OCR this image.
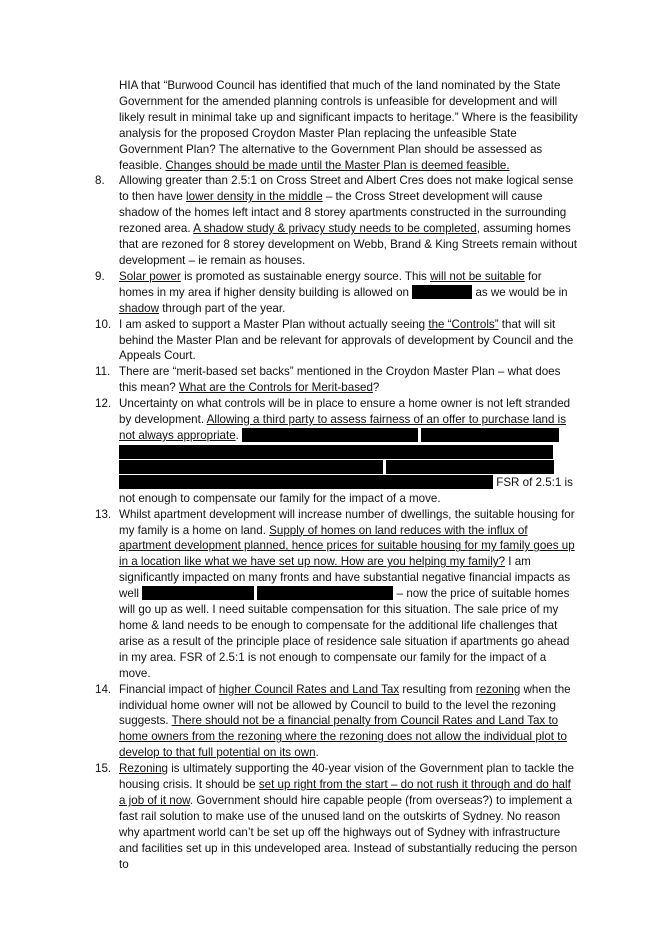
HIA that “Burwood Council has identified that much of the land nominated by the State Government for the amended planning controls is unfeasible for development and will likely result in minimal take up and significant impacts to heritage.” Where is the feasibility analysis for the proposed Croydon Master Plan replacing the unfeasible State Government Plan? The alternative to the Government Plan should be assessed as feasible. Changes should be made until the Master Plan is deemed feasible.

8. Allowing greater than 2.5:1 on Cross Street and Albert Cres does not make logical sense to then have lower density in the middle – the Cross Street development will cause shadow of the homes left intact and 8 storey apartments constructed in the surrounding rezoned area. A shadow study & privacy study needs to be completed, assuming homes that are rezoned for 8 storey development on Webb, Brand & King Streets remain without development – ie remain as houses.
9. Solar power is promoted as sustainable energy source. This will not be suitable for homes in my area if higher density building is allowed on	as we would be in shadow through part of the year.
10. I am asked to support a Master Plan without actually seeing the “Controls” that will sit behind the Master Plan and be relevant for approvals of development by Council and the Appeals Court.
11. There are “merit-based set backs” mentioned in the Croydon Master Plan – what does this mean? What are the Controls for Merit-based?
12. Uncertainty on what controls will be in place to ensure a home owner is not left stranded by development. Allowing a third party to assess fairness of an offer to purchase land is not always appropriate.
FSR of 2.5:1 is not enough to compensate our family for the impact of a move.
13. Whilst apartment development will increase number of dwellings, the suitable housing for my family is a home on land. Supply of homes on land reduces with the influx of apartment development planned, hence prices for suitable housing for my family goes up in a location like what we have set up now. How are you helping my family? I am significantly impacted on many fronts and have substantial negative financial impacts as well	– now the price of suitable homes will go up as well. I need suitable compensation for this situation. The sale price of my home & land needs to be enough to compensate for the additional life challenges that arise as a result of the principle place of residence sale situation if apartments go ahead in my area. FSR of 2.5:1 is not enough to compensate our family for the impact of a move.
14. Financial impact of higher Council Rates and Land Tax resulting from rezoning when the individual home owner will not be allowed by Council to build to the level the rezoning suggests. There should not be a financial penalty from Council Rates and Land Tax to home owners from the rezoning where the rezoning does not allow the individual plot to develop to that full potential on its own.
15. Rezoning is ultimately supporting the 40-year vision of the Government plan to tackle the housing crisis. It should be set up right from the start – do not rush it through and do half a job of it now. Government should hire capable people (from overseas?) to implement a fast rail solution to make use of the unused land on the outskirts of Sydney. No reason why apartment world can’t be set up off the highways out of Sydney with infrastructure and facilities set up in this undeveloped area. Instead of substantially reducing the person to
